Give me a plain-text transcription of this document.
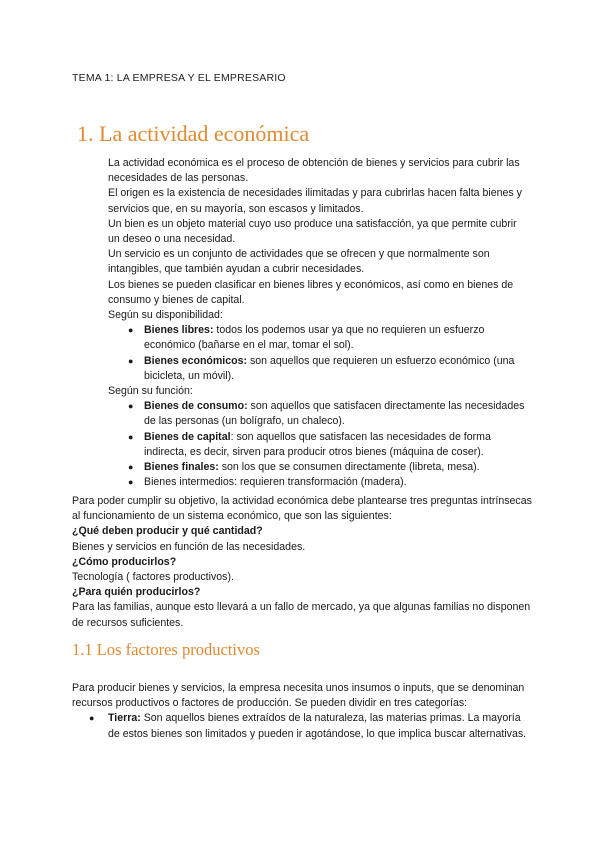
TEMA 1: LA EMPRESA Y EL EMPRESARIO
1. La actividad económica

La actividad económica es el proceso de obtención de bienes y servicios para cubrir las necesidades de las personas.

El origen es la existencia de necesidades ilimitadas y para cubrirlas hacen falta bienes y servicios que, en su mayoría, son escasos y limitados.

Un bien es un objeto material cuyo uso produce una satisfacción, ya que permite cubrir un deseo o una necesidad.

Un servicio es un conjunto de actividades que se ofrecen y que normalmente son intangibles, que también ayudan a cubrir necesidades.

Los bienes se pueden clasificar en bienes libres y económicos, así como en bienes de consumo y bienes de capital.

Según su disponibilidad:

● Bienes libres: todos los podemos usar ya que no requieren un esfuerzo económico (bañarse en el mar, tomar el sol).
● Bienes económicos: son aquellos que requieren un esfuerzo económico (una bicicleta, un móvil).

Según su función:

● Bienes de consumo: son aquellos que satisfacen directamente las necesidades de las personas (un bolígrafo, un chaleco).
● Bienes de capital: son aquellos que satisfacen las necesidades de forma indirecta, es decir, sirven para producir otros bienes (máquina de coser).
● Bienes finales: son los que se consumen directamente (libreta, mesa).
● Bienes intermedios: requieren transformación (madera).

Para poder cumplir su objetivo, la actividad económica debe plantearse tres preguntas intrínsecas al funcionamiento de un sistema económico, que son las siguientes:

¿Qué deben producir y qué cantidad?

Bienes y servicios en función de las necesidades.

¿Cómo producirlos?

Tecnología ( factores productivos).

¿Para quién producirlos?

Para las familias, aunque esto llevará a un fallo de mercado, ya que algunas familias no disponen de recursos suficientes.

1.1 Los factores productivos

Para producir bienes y servicios, la empresa necesita unos insumos o inputs, que se denominan recursos productivos o factores de producción. Se pueden dividir en tres categorías:

● Tierra: Son aquellos bienes extraídos de la naturaleza, las materias primas. La mayoría de estos bienes son limitados y pueden ir agotándose, lo que implica buscar alternativas.
